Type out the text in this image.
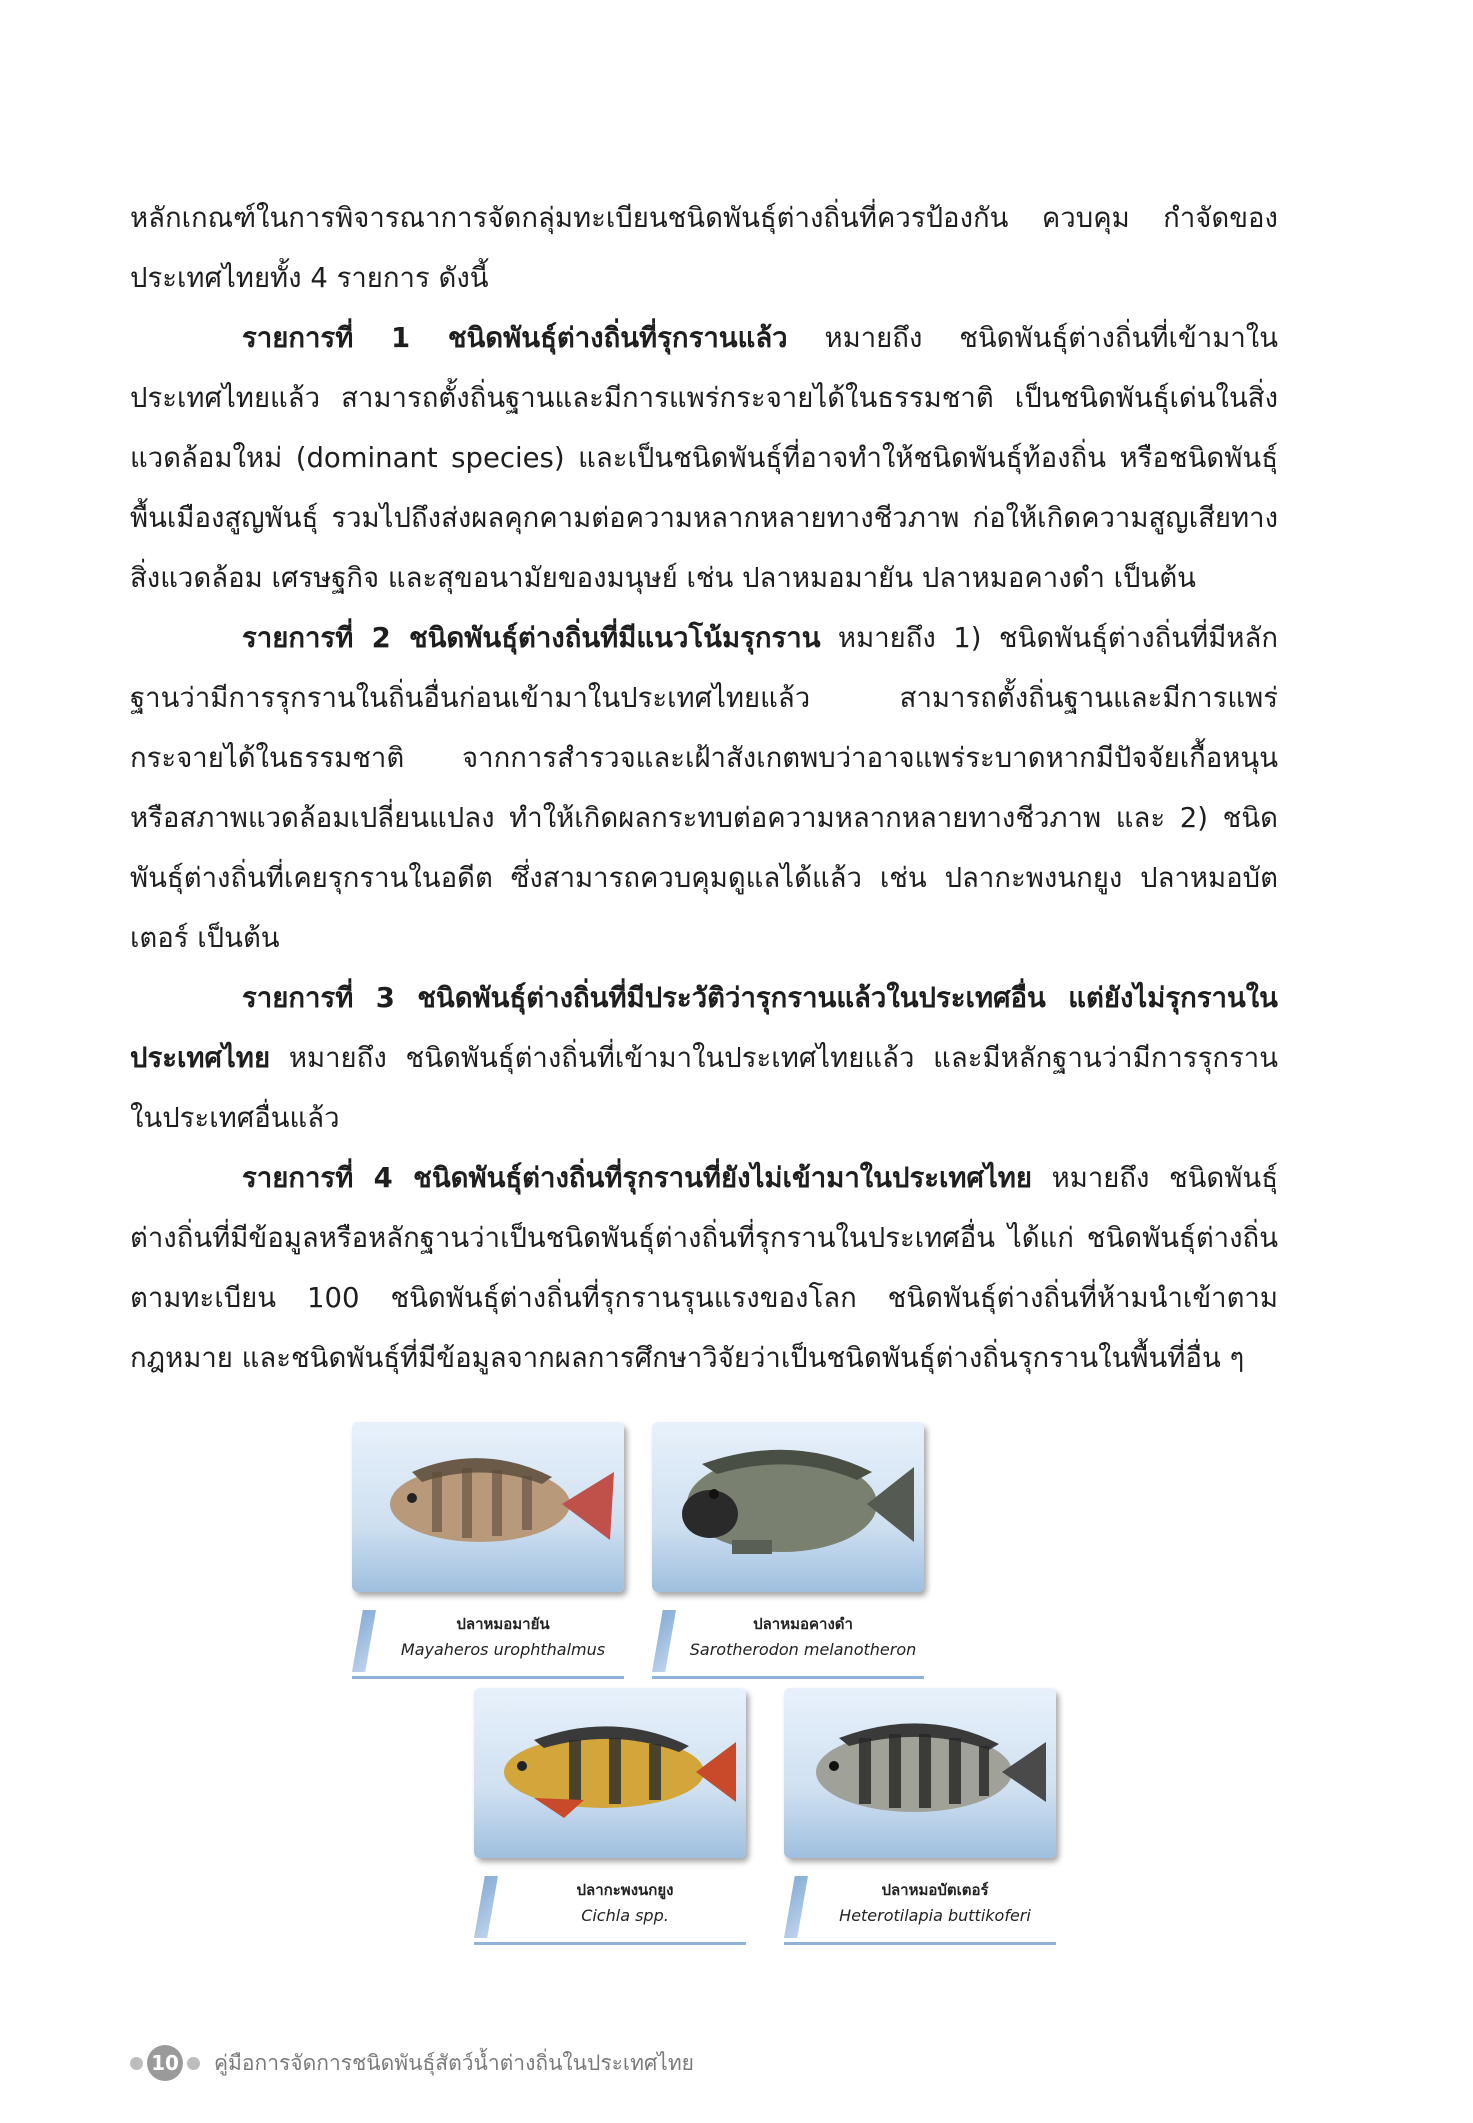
หลักเกณฑ์ในการพิจารณาการจัดกลุ่มทะเบียนชนิดพันธุ์ต่างถิ่นที่ควรป้องกัน ควบคุม กำจัดของประเทศไทยทั้ง 4 รายการ ดังนี้

รายการที่ 1 ชนิดพันธุ์ต่างถิ่นที่รุกรานแล้ว หมายถึง ชนิดพันธุ์ต่างถิ่นที่เข้ามาในประเทศไทยแล้ว สามารถตั้งถิ่นฐานและมีการแพร่กระจายได้ในธรรมชาติ เป็นชนิดพันธุ์เด่นในสิ่งแวดล้อมใหม่ (dominant species) และเป็นชนิดพันธุ์ที่อาจทำให้ชนิดพันธุ์ท้องถิ่น หรือชนิดพันธุ์พื้นเมืองสูญพันธุ์ รวมไปถึงส่งผลคุกคามต่อความหลากหลายทางชีวภาพ ก่อให้เกิดความสูญเสียทางสิ่งแวดล้อม เศรษฐกิจ และสุขอนามัยของมนุษย์ เช่น ปลาหมอมายัน ปลาหมอคางดำ เป็นต้น

รายการที่ 2 ชนิดพันธุ์ต่างถิ่นที่มีแนวโน้มรุกราน หมายถึง 1) ชนิดพันธุ์ต่างถิ่นที่มีหลักฐานว่ามีการรุกรานในถิ่นอื่นก่อนเข้ามาในประเทศไทยแล้ว สามารถตั้งถิ่นฐานและมีการแพร่กระจายได้ในธรรมชาติ จากการสำรวจและเฝ้าสังเกตพบว่าอาจแพร่ระบาดหากมีปัจจัยเกื้อหนุนหรือสภาพแวดล้อมเปลี่ยนแปลง ทำให้เกิดผลกระทบต่อความหลากหลายทางชีวภาพ และ 2) ชนิดพันธุ์ต่างถิ่นที่เคยรุกรานในอดีต ซึ่งสามารถควบคุมดูแลได้แล้ว เช่น ปลากะพงนกยูง ปลาหมอบัตเตอร์ เป็นต้น

รายการที่ 3 ชนิดพันธุ์ต่างถิ่นที่มีประวัติว่ารุกรานแล้วในประเทศอื่น แต่ยังไม่รุกรานในประเทศไทย หมายถึง ชนิดพันธุ์ต่างถิ่นที่เข้ามาในประเทศไทยแล้ว และมีหลักฐานว่ามีการรุกรานในประเทศอื่นแล้ว

รายการที่ 4 ชนิดพันธุ์ต่างถิ่นที่รุกรานที่ยังไม่เข้ามาในประเทศไทย หมายถึง ชนิดพันธุ์ต่างถิ่นที่มีข้อมูลหรือหลักฐานว่าเป็นชนิดพันธุ์ต่างถิ่นที่รุกรานในประเทศอื่น ได้แก่ ชนิดพันธุ์ต่างถิ่นตามทะเบียน 100 ชนิดพันธุ์ต่างถิ่นที่รุกรานรุนแรงของโลก ชนิดพันธุ์ต่างถิ่นที่ห้ามนำเข้าตามกฎหมาย และชนิดพันธุ์ที่มีข้อมูลจากผลการศึกษาวิจัยว่าเป็นชนิดพันธุ์ต่างถิ่นรุกรานในพื้นที่อื่น ๆ

ปลาหมอมายัน
Mayaheros urophthalmus
ปลาหมอคางดำ
Sarotherodon melanotheron
ปลากะพงนกยูง
Cichla spp.
ปลาหมอบัตเตอร์
Heterotilapia buttikoferi
10 คู่มือการจัดการชนิดพันธุ์สัตว์น้ำต่างถิ่นในประเทศไทย
